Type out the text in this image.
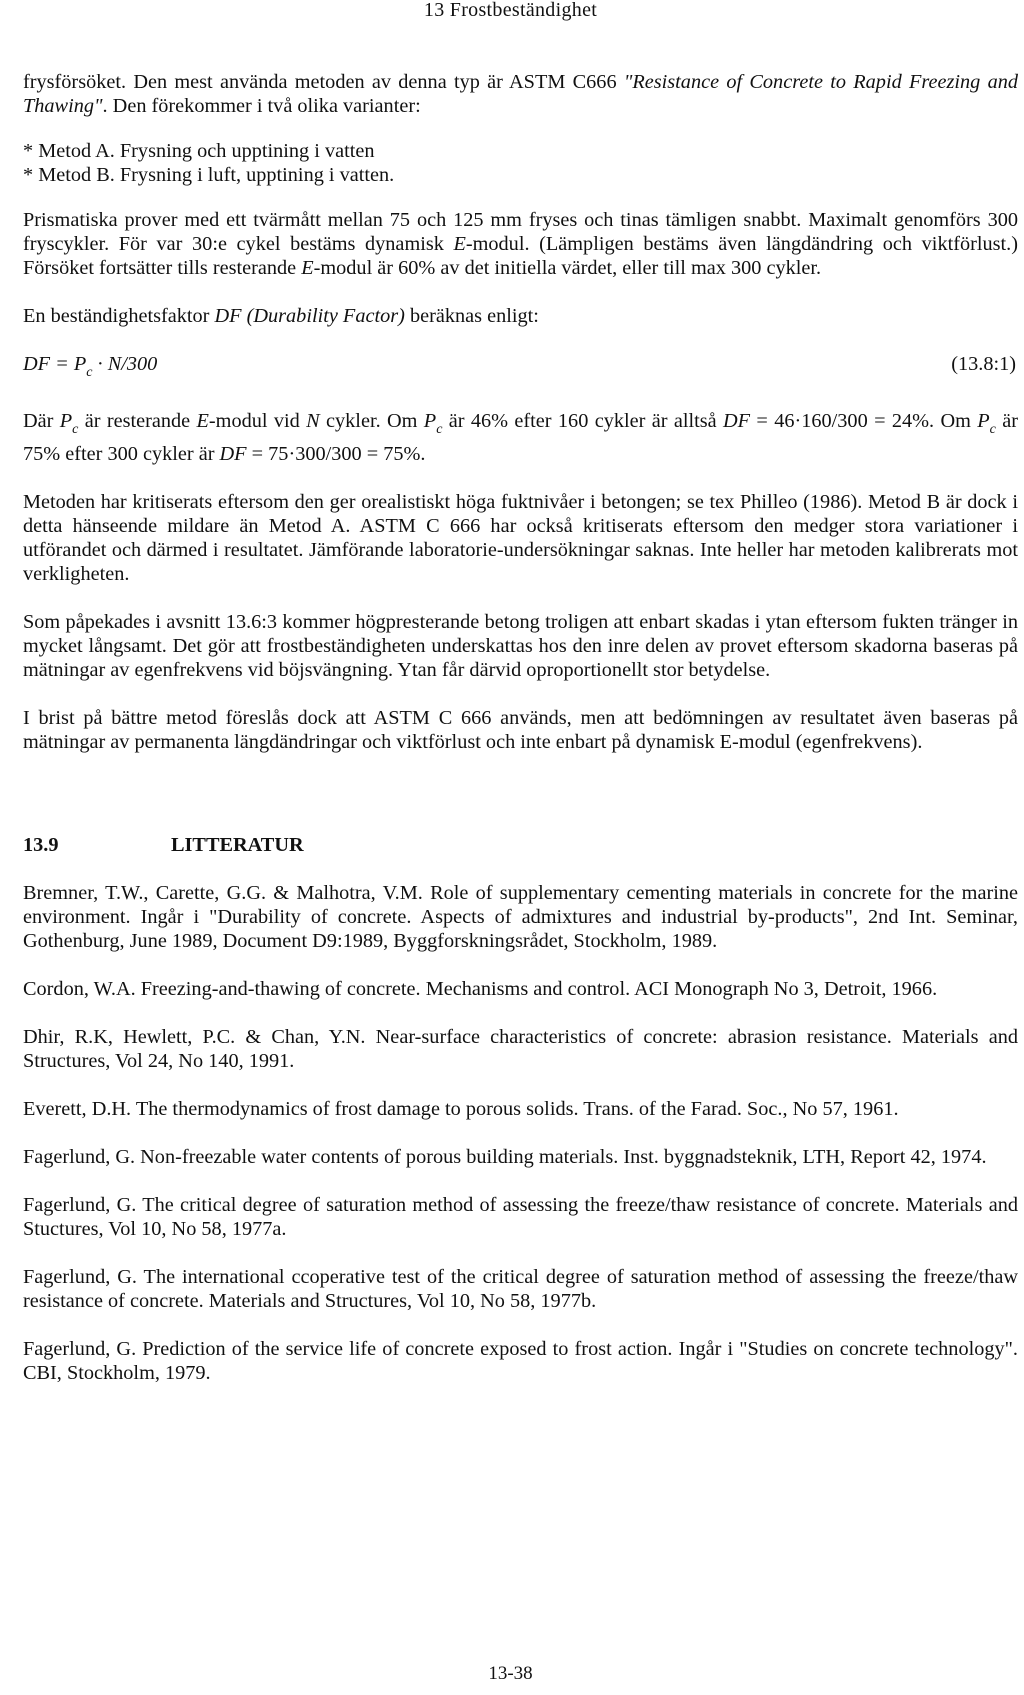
13 Frostbeständighet

frysförsöket. Den mest använda metoden av denna typ är ASTM C666 "Resistance of Concrete to Rapid Freezing and Thawing". Den förekommer i två olika varianter:

* Metod A. Frysning och upptining i vatten
* Metod B. Frysning i luft, upptining i vatten.

Prismatiska prover med ett tvärmått mellan 75 och 125 mm fryses och tinas tämligen snabbt. Maximalt genomförs 300 fryscykler. För var 30:e cykel bestäms dynamisk E-modul. (Lämpligen bestäms även längdändring och viktförlust.) Försöket fortsätter tills resterande E-modul är 60% av det initiella värdet, eller till max 300 cykler.

En beständighetsfaktor DF (Durability Factor) beräknas enligt:

DF = $P_c \cdot N/300$	(13.8:1)

Där $P_c$ är resterande E-modul vid N cykler. Om $P_c$ är 46% efter 160 cykler är alltså DF = 46·160/300 = 24%. Om $P_c$ är 75% efter 300 cykler är DF = 75·300/300 = 75%.

Metoden har kritiserats eftersom den ger orealistiskt höga fuktnivåer i betongen; se tex Philleo (1986). Metod B är dock i detta hänseende mildare än Metod A. ASTM C 666 har också kritiserats eftersom den medger stora variationer i utförandet och därmed i resultatet. Jämförande laboratorie-undersökningar saknas. Inte heller har metoden kalibrerats mot verkligheten.

Som påpekades i avsnitt 13.6:3 kommer högpresterande betong troligen att enbart skadas i ytan eftersom fukten tränger in mycket långsamt. Det gör att frostbeständigheten underskattas hos den inre delen av provet eftersom skadorna baseras på mätningar av egenfrekvens vid böjsvängning. Ytan får därvid oproportionellt stor betydelse.

I brist på bättre metod föreslås dock att ASTM C 666 används, men att bedömningen av resultatet även baseras på mätningar av permanenta längdändringar och viktförlust och inte enbart på dynamisk E-modul (egenfrekvens).

13.9	LITTERATUR

Bremner, T.W., Carette, G.G. & Malhotra, V.M. Role of supplementary cementing materials in concrete for the marine environment. Ingår i "Durability of concrete. Aspects of admixtures and industrial by-products", 2nd Int. Seminar, Gothenburg, June 1989, Document D9:1989, Byggforskningsrådet, Stockholm, 1989.

Cordon, W.A. Freezing-and-thawing of concrete. Mechanisms and control. ACI Monograph No 3, Detroit, 1966.

Dhir, R.K, Hewlett, P.C. & Chan, Y.N. Near-surface characteristics of concrete: abrasion resistance. Materials and Structures, Vol 24, No 140, 1991.

Everett, D.H. The thermodynamics of frost damage to porous solids. Trans. of the Farad. Soc., No 57, 1961.

Fagerlund, G. Non-freezable water contents of porous building materials. Inst. byggnadsteknik, LTH, Report 42, 1974.

Fagerlund, G. The critical degree of saturation method of assessing the freeze/thaw resistance of concrete. Materials and Stuctures, Vol 10, No 58, 1977a.

Fagerlund, G. The international ccoperative test of the critical degree of saturation method of assessing the freeze/thaw resistance of concrete. Materials and Structures, Vol 10, No 58, 1977b.

Fagerlund, G. Prediction of the service life of concrete exposed to frost action. Ingår i "Studies on concrete technology". CBI, Stockholm, 1979.

13-38
